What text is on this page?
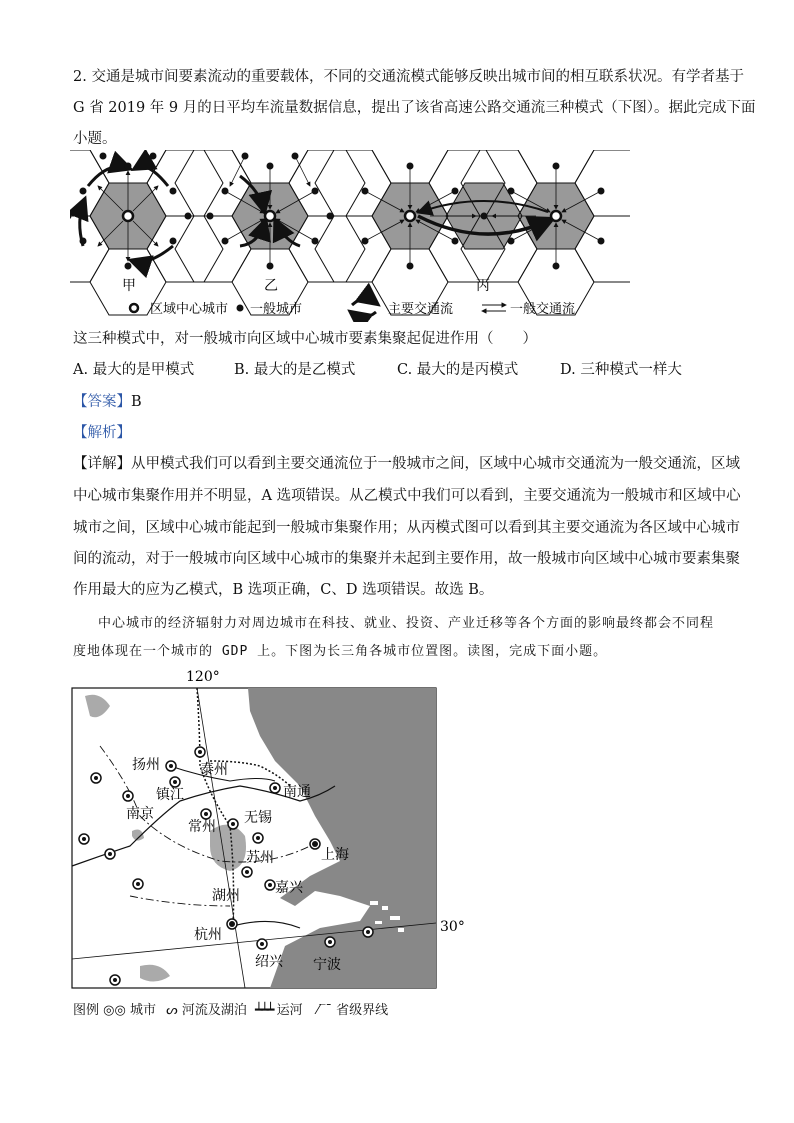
2. 交通是城市间要素流动的重要载体，不同的交通流模式能够反映出城市间的相互联系状况。有学者基于
G 省 2019 年 9 月的日平均车流量数据信息，提出了该省高速公路交通流三种模式（下图）。据此完成下面
小题。
甲	乙	丙
区域中心城市 一般城市	主要交通流	一般交通流
这三种模式中，对一般城市向区域中心城市要素集聚起促进作用（　　）
A. 最大的是甲模式	B. 最大的是乙模式	C. 最大的是丙模式	D. 三种模式一样大
【答案】B
【解析】
【详解】从甲模式我们可以看到主要交通流位于一般城市之间，区域中心城市交通流为一般交通流，区域
中心城市集聚作用并不明显，A 选项错误。从乙模式中我们可以看到，主要交通流为一般城市和区域中心
城市之间，区域中心城市能起到一般城市集聚作用；从丙模式图可以看到其主要交通流为各区域中心城市
间的流动，对于一般城市向区域中心城市的集聚并未起到主要作用，故一般城市向区域中心城市要素集聚
作用最大的应为乙模式，B 选项正确，C、D 选项错误。故选 B。
中心城市的经济辐射力对周边城市在科技、就业、投资、产业迁移等各个方面的影响最终都会不同程
度地体现在一个城市的 GDP 上。下图为长三角各城市位置图。读图，完成下面小题。
120°
扬州	泰州
镇江	南通
南京
常州
无锡
苏州	上海
湖州	嘉兴
杭州
绍兴 宁波
30°
图例 ◎◎ 城市 ᔕ 河流及湖泊 ┷┷┷ 运河 ⁄‾ˉ 省级界线
